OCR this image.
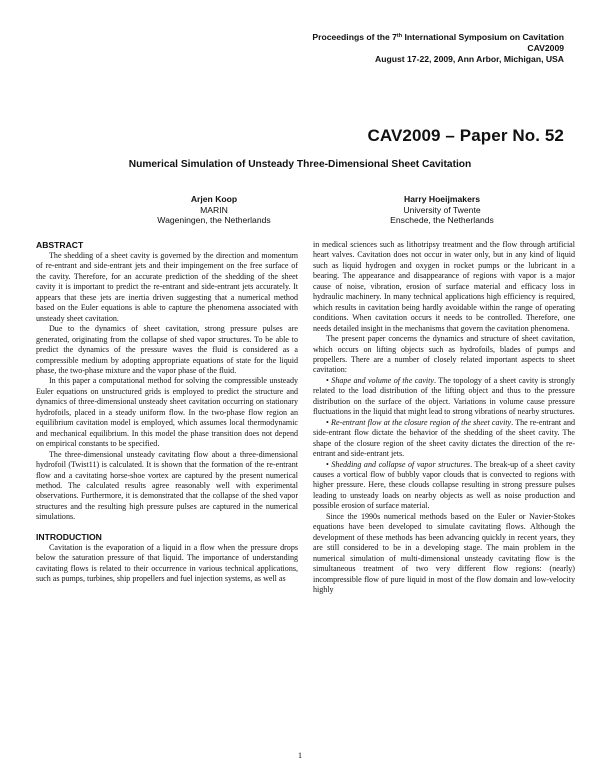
Proceedings of the 7th International Symposium on Cavitation
CAV2009
August 17-22, 2009, Ann Arbor, Michigan, USA
CAV2009 – Paper No. 52
Numerical Simulation of Unsteady Three-Dimensional Sheet Cavitation
Arjen Koop
MARIN
Wageningen, the Netherlands
Harry Hoeijmakers
University of Twente
Enschede, the Netherlands
ABSTRACT

The shedding of a sheet cavity is governed by the direction and momentum of re-entrant and side-entrant jets and their impingement on the free surface of the cavity. Therefore, for an accurate prediction of the shedding of the sheet cavity it is important to predict the re-entrant and side-entrant jets accurately. It appears that these jets are inertia driven suggesting that a numerical method based on the Euler equations is able to capture the phenomena associated with unsteady sheet cavitation.

Due to the dynamics of sheet cavitation, strong pressure pulses are generated, originating from the collapse of shed vapor structures. To be able to predict the dynamics of the pressure waves the fluid is considered as a compressible medium by adopting appropriate equations of state for the liquid phase, the two-phase mixture and the vapor phase of the fluid.

In this paper a computational method for solving the compressible unsteady Euler equations on unstructured grids is employed to predict the structure and dynamics of three-dimensional unsteady sheet cavitation occurring on stationary hydrofoils, placed in a steady uniform flow. In the two-phase flow region an equilibrium cavitation model is employed, which assumes local thermodynamic and mechanical equilibrium. In this model the phase transition does not depend on empirical constants to be specified.

The three-dimensional unsteady cavitating flow about a three-dimensional hydrofoil (Twist11) is calculated. It is shown that the formation of the re-entrant flow and a cavitating horse-shoe vortex are captured by the present numerical method. The calculated results agree reasonably well with experimental observations. Furthermore, it is demonstrated that the collapse of the shed vapor structures and the resulting high pressure pulses are captured in the numerical simulations.

INTRODUCTION

Cavitation is the evaporation of a liquid in a flow when the pressure drops below the saturation pressure of that liquid. The importance of understanding cavitating flows is related to their occurrence in various technical applications, such as pumps, turbines, ship propellers and fuel injection systems, as well as

in medical sciences such as lithotripsy treatment and the flow through artificial heart valves. Cavitation does not occur in water only, but in any kind of liquid such as liquid hydrogen and oxygen in rocket pumps or the lubricant in a bearing. The appearance and disappearance of regions with vapor is a major cause of noise, vibration, erosion of surface material and efficacy loss in hydraulic machinery. In many technical applications high efficiency is required, which results in cavitation being hardly avoidable within the range of operating conditions. When cavitation occurs it needs to be controlled. Therefore, one needs detailed insight in the mechanisms that govern the cavitation phenomena.

The present paper concerns the dynamics and structure of sheet cavitation, which occurs on lifting objects such as hydrofoils, blades of pumps and propellers. There are a number of closely related important aspects to sheet cavitation:

• Shape and volume of the cavity. The topology of a sheet cavity is strongly related to the load distribution of the lifting object and thus to the pressure distribution on the surface of the object. Variations in volume cause pressure fluctuations in the liquid that might lead to strong vibrations of nearby structures.

• Re-entrant flow at the closure region of the sheet cavity. The re-entrant and side-entrant flow dictate the behavior of the shedding of the sheet cavity. The shape of the closure region of the sheet cavity dictates the direction of the re-entrant and side-entrant jets.

• Shedding and collapse of vapor structures. The break-up of a sheet cavity causes a vortical flow of bubbly vapor clouds that is convected to regions with higher pressure. Here, these clouds collapse resulting in strong pressure pulses leading to unsteady loads on nearby objects as well as noise production and possible erosion of surface material.

Since the 1990s numerical methods based on the Euler or Navier-Stokes equations have been developed to simulate cavitating flows. Although the development of these methods has been advancing quickly in recent years, they are still considered to be in a developing stage. The main problem in the numerical simulation of multi-dimensional unsteady cavitating flow is the simultaneous treatment of two very different flow regions: (nearly) incompressible flow of pure liquid in most of the flow domain and low-velocity highly

1
